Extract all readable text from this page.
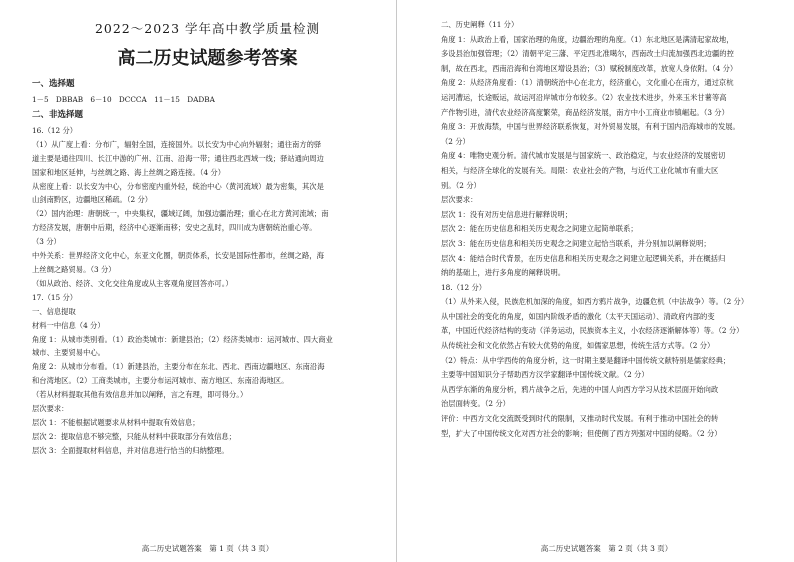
2022～2023 学年高中教学质量检测

高二历史试题参考答案

一、选择题

1－5　DBBAB　6－10　DCCCA　11－15　DADBA

二、非选择题

16.（12 分）

（1）从广度上看：分布广，辐射全国，连接国外。以长安为中心向外辐射；通往南方的驿

道主要是通往四川、长江中游的广州、江南、沿海一带；通往西北西域一线；驿站通向周边

国家和地区延伸，与丝绸之路、海上丝绸之路连接。（4 分）

从密度上看：以长安为中心，分布密度内重外轻，统治中心（黄河流域）最为密集，其次是

山剑南黔区，边疆地区稀疏。（2 分）

（2）国内治理：唐朝统一，中央集权，疆域辽阔，加强边疆治理；重心在北方黄河流域；南

方经济发展，唐朝中后期，经济中心逐渐南移；安史之乱时，四川成为唐朝统治重心等。

（3 分）

中外关系：世界经济文化中心，东亚文化圈，朝贡体系，长安是国际性都市，丝绸之路，海

上丝绸之路贸易。（3 分）

（如从政治、经济、文化交往角度或从主客观角度回答亦可。）

17.（15 分）

一、信息提取

材料一中信息（4 分）

角度 1：从城市类别看。（1）政治类城市：新建县治；（2）经济类城市：运河城市、四大商业

城市、主要贸易中心。

角度 2：从城市分布看。（1）新建县治，主要分布在东北、西北、西南边疆地区、东南沿海

和台湾地区。（2）工商类城市，主要分布运河城市、南方地区、东南沿海地区。

（若从材料提取其他有效信息并加以阐释，言之有理，即可得分。）

层次要求：

层次 1：不能根据试题要求从材料中提取有效信息；

层次 2：提取信息不够完整，只能从材料中获取部分有效信息；

层次 3：全面提取材料信息，并对信息进行恰当的归纳整理。

高二历史试题答案　第 1 页（共 3 页）

二、历史阐释（11 分）

角度 1：从政治上看，国家治理的角度，边疆治理的角度。（1）东北地区是满清起家故地，

多设县治加强管理；（2）清朝平定三藩、平定西北准噶尔，西南改土归流加强西北边疆的控

制，故在西北，西南沿海和台湾地区增设县治；（3）赋税制度改革，放宽人身依附。（4 分）

角度 2：从经济角度看：（1）清朝统治中心在北方，经济重心，文化重心在南方，通过京杭

运河漕运，长途贩运，故运河沿岸城市分布较多。（2）农业技术进步，外来玉米甘薯等高

产作物引进，清代农业经济高度繁荣，商品经济发展，南方中小工商业市镇崛起。（3 分）

角度 3：开放海禁，中国与世界经济联系恢复，对外贸易发展，有利于国内沿海城市的发展。

（2 分）

角度 4：唯物史观分析。清代城市发展是与国家统一、政治稳定，与农业经济的发展密切

相关，与经济全球化的发展有关。局限：农业社会的产物，与近代工业化城市有重大区

别。（2 分）

层次要求：

层次 1：没有对历史信息进行解释说明；

层次 2：能在历史信息和相关历史观念之间建立起简单联系；

层次 3：能在历史信息和相关历史观念之间建立起恰当联系，并分别加以阐释说明；

层次 4：能结合时代背景，在历史信息和相关历史观念之间建立起逻辑关系，并在概括归

纳的基础上，进行多角度的阐释说明。

18.（12 分）

（1）从外来入侵，民族危机加深的角度，如西方鸦片战争，边疆危机（中法战争）等。（2 分）

从中国社会的变化的角度，如国内阶级矛盾的激化（太平天国运动）、清政府内部的变

革，中国近代经济结构的变动（洋务运动，民族资本主义，小农经济逐渐解体等）等。（2 分）

从传统社会和文化依然占有较大优势的角度，如儒家思想，传统生活方式等。（2 分）

（2）特点：从中学西传的角度分析，这一时期主要是翻译中国传统文献特别是儒家经典；

主要等中国知识分子帮助西方汉学家翻译中国传统文献。（2 分）

从西学东渐的角度分析，鸦片战争之后，先进的中国人向西方学习从技术层面开始向政

治层面转变。（2 分）

评价：中西方文化交流既受到时代的限制，又推动时代发展。有利于推动中国社会的转

型，扩大了中国传统文化对西方社会的影响；但使侧了西方列强对中国的侵略。（2 分）

高二历史试题答案　第 2 页（共 3 页）
